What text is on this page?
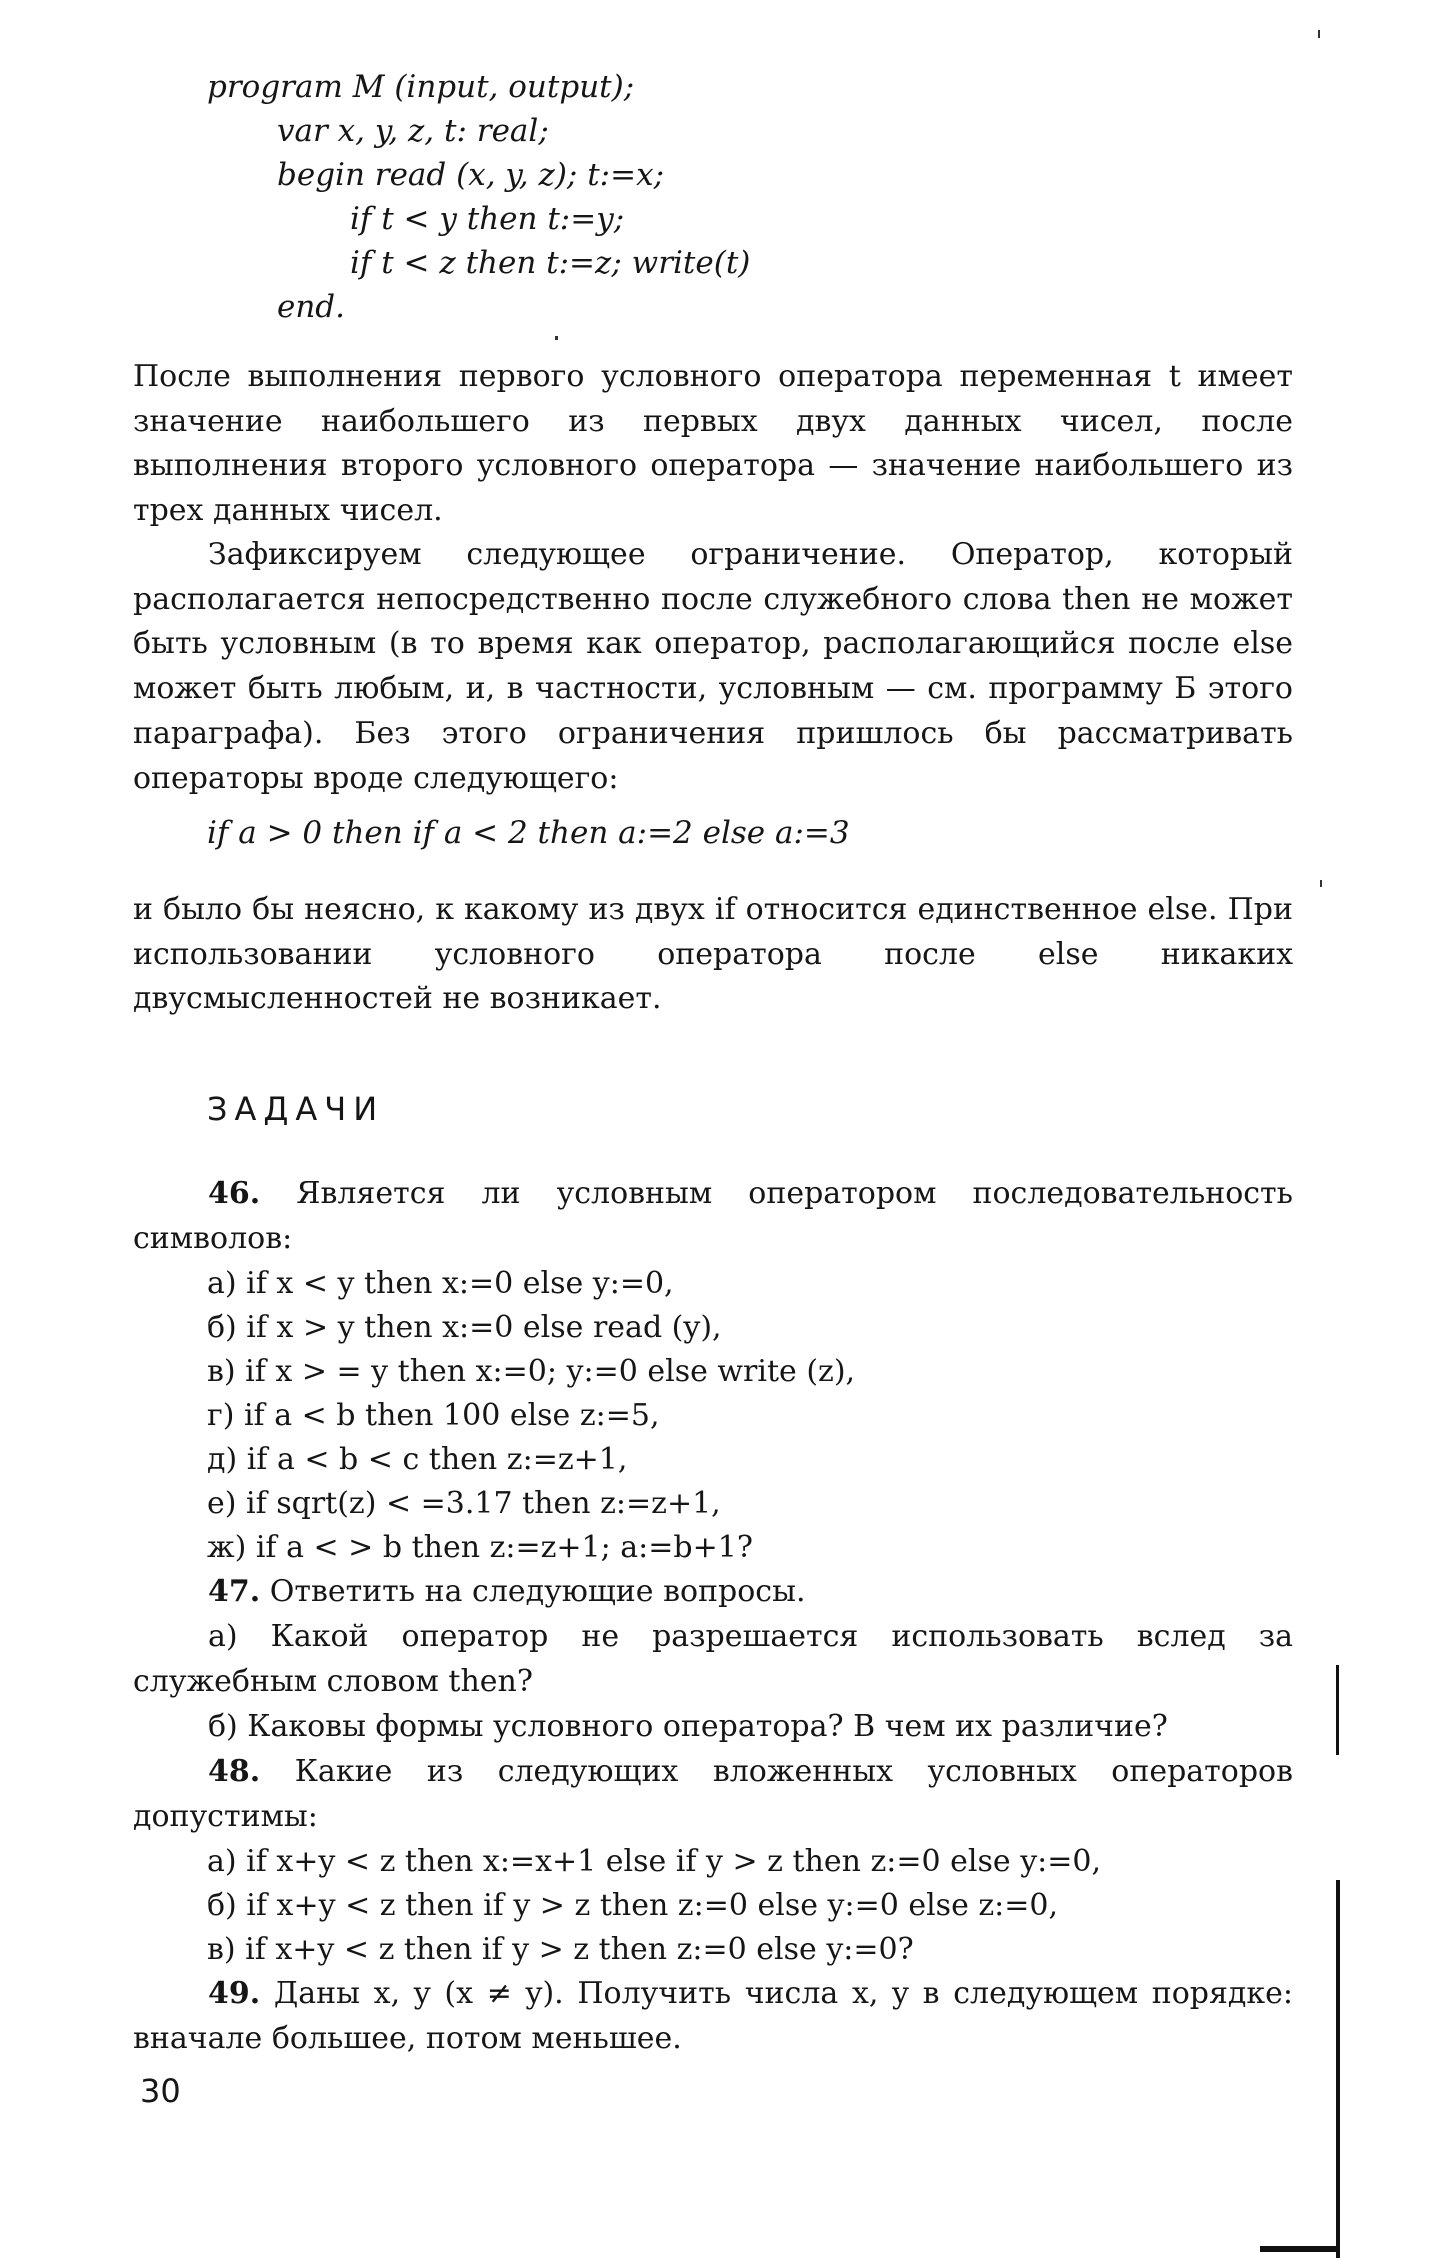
program M (input, output);
var x, y, z, t: real;
begin read (x, y, z); t:=x;
if t < y then t:=y;
if t < z then t:=z; write(t)
end.
После выполнения первого условного оператора переменная t имеет значение наибольшего из первых двух данных чисел, после выполнения второго условного оператора — значение наибольшего из трех данных чисел.
Зафиксируем следующее ограничение. Оператор, который располагается непосредственно после служебного слова then не может быть условным (в то время как оператор, располагающийся после else может быть любым, и, в частности, условным — см. программу Б этого параграфа). Без этого ограничения пришлось бы рассматривать операторы вроде следующего:
if a > 0 then if a < 2 then a:=2 else a:=3
и было бы неясно, к какому из двух if относится единственное else. При использовании условного оператора после else никаких двусмысленностей не возникает.
ЗАДАЧИ
46. Является ли условным оператором последовательность символов:
а) if x < y then x:=0 else y:=0,
б) if x > y then x:=0 else read (y),
в) if x > = y then x:=0; y:=0 else write (z),
г) if a < b then 100 else z:=5,
д) if a < b < c then z:=z+1,
е) if sqrt(z) < =3.17 then z:=z+1,
ж) if a < > b then z:=z+1; a:=b+1?
47. Ответить на следующие вопросы.
а) Какой оператор не разрешается использовать вслед за служебным словом then?
б) Каковы формы условного оператора? В чем их различие?
48. Какие из следующих вложенных условных операторов допустимы:
а) if x+y < z then x:=x+1 else if y > z then z:=0 else y:=0,
б) if x+y < z then if y > z then z:=0 else y:=0 else z:=0,
в) if x+y < z then if y > z then z:=0 else y:=0?
49. Даны x, y (x ≠ y). Получить числа x, y в следующем порядке: вначале большее, потом меньшее.
30
